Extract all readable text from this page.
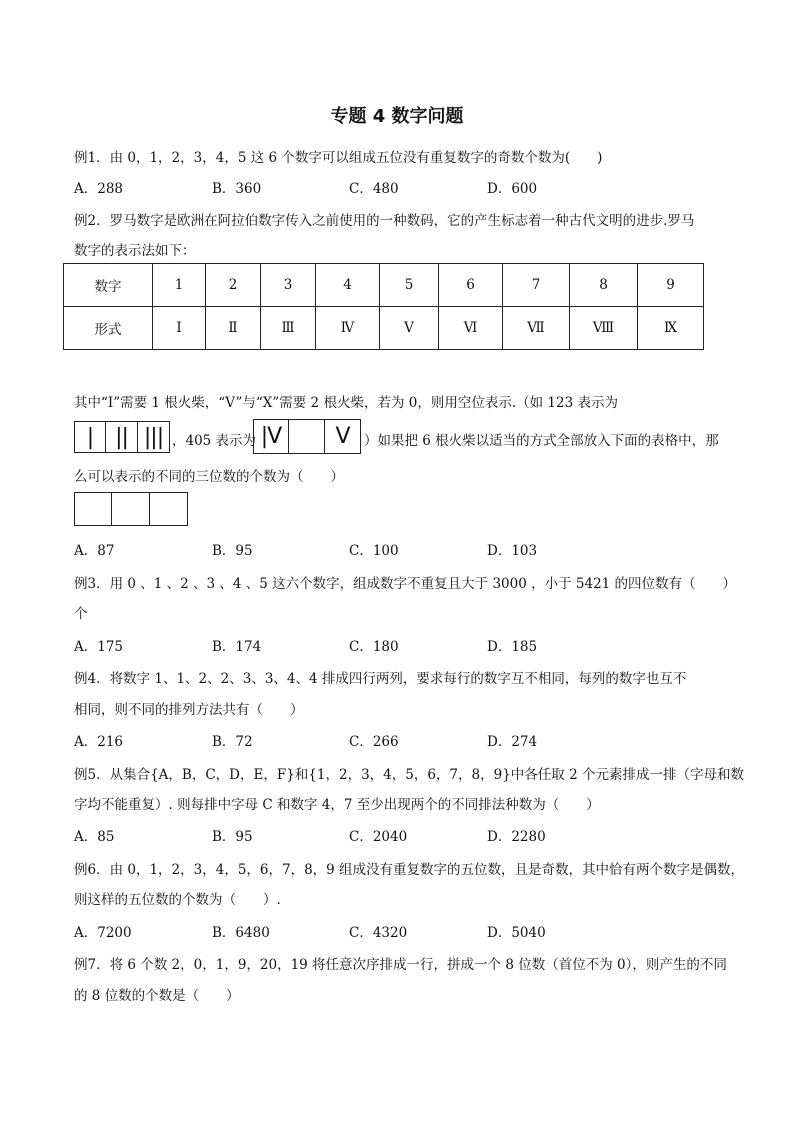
专题 4 数字问题
例1．由 0，1，2，3，4，5 这 6 个数字可以组成五位没有重复数字的奇数个数为(　　)
A．288	B．360	C．480	D．600
例2．罗马数字是欧洲在阿拉伯数字传入之前使用的一种数码，它的产生标志着一种古代文明的进步.罗马
数字的表示法如下：
数字	1	2	3	4	5	6	7	8	9
形式	Ⅰ	Ⅱ	Ⅲ	Ⅳ	Ⅴ	Ⅵ	Ⅶ	Ⅷ	Ⅸ
其中“Ⅰ”需要 1 根火柴，“V”与“X”需要 2 根火柴，若为 0，则用空位表示.（如 123 表示为
| || ||| ，405 表示为 |V	V	）如果把 6 根火柴以适当的方式全部放入下面的表格中，那
么可以表示的不同的三位数的个数为（　　）
A．87	B．95	C．100	D．103
例3．用 0 、1 、2 、3 、4 、5 这六个数字，组成数字不重复且大于 3000 ，小于 5421 的四位数有（　　）
个
A．175	B．174	C．180	D．185
例4．将数字 1、1、2、2、3、3、4、4 排成四行两列，要求每行的数字互不相同，每列的数字也互不
相同，则不同的排列方法共有（　　）
A．216	B．72	C．266	D．274
例5．从集合{A，B，C，D，E，F}和{1，2，3，4，5，6，7，8，9}中各任取 2 个元素排成一排（字母和数
字均不能重复）. 则每排中字母 C 和数字 4，7 至少出现两个的不同排法种数为（　　）
A．85	B．95	C．2040	D．2280
例6．由 0，1，2，3，4，5，6，7，8，9 组成没有重复数字的五位数，且是奇数，其中恰有两个数字是偶数，
则这样的五位数的个数为（　　）.
A．7200	B．6480	C．4320	D．5040
例7．将 6 个数 2，0，1，9，20，19 将任意次序排成一行，拼成一个 8 位数（首位不为 0），则产生的不同
的 8 位数的个数是（　　）
